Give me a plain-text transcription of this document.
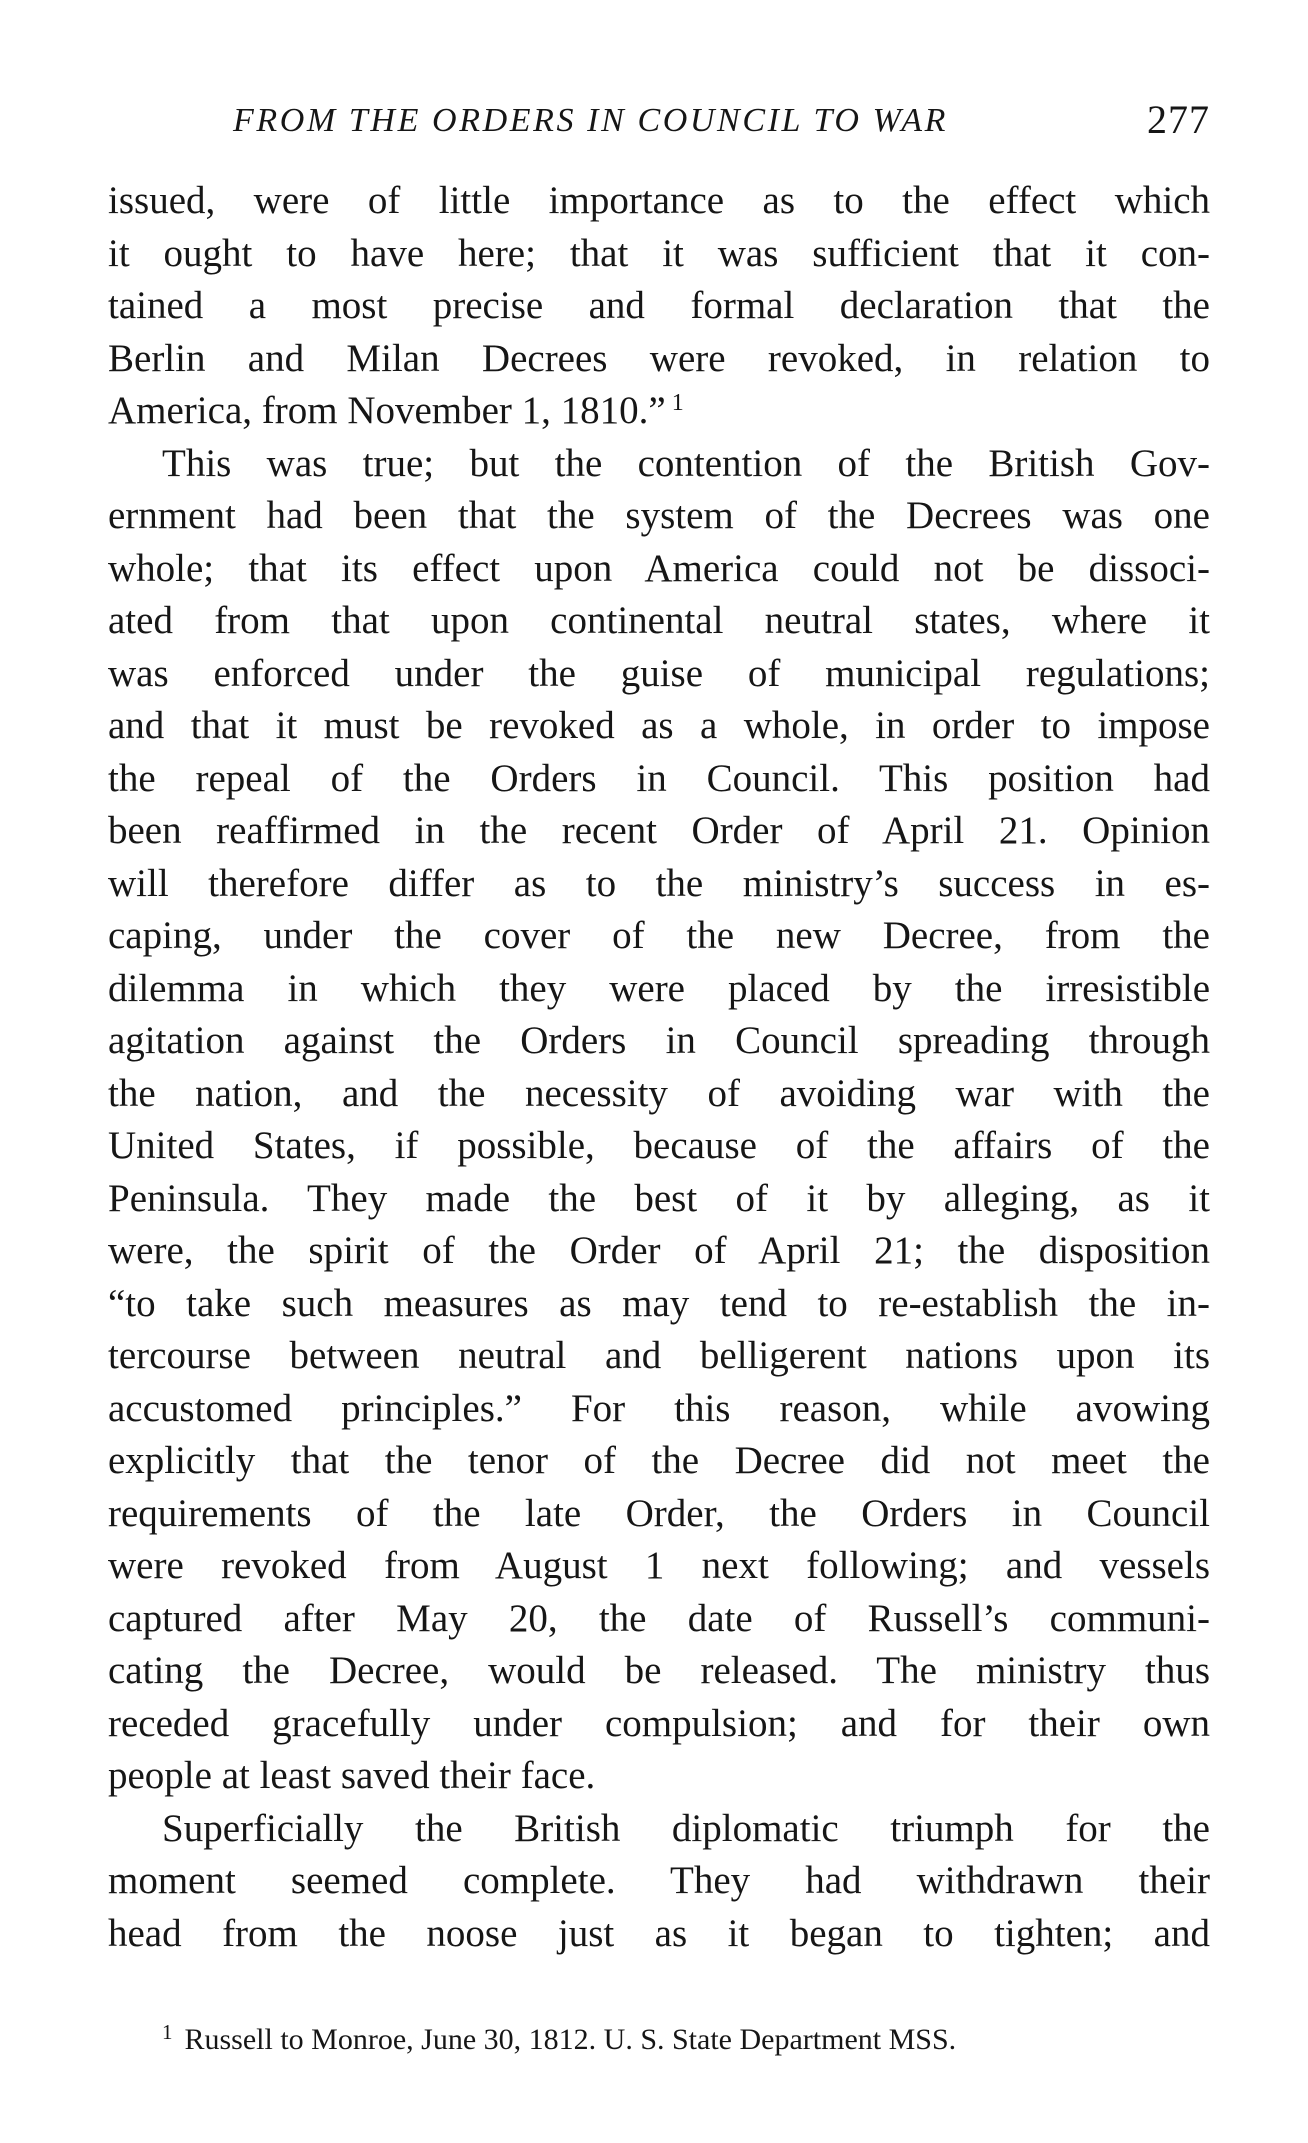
FROM THE ORDERS IN COUNCIL TO WAR	277
issued, were of little importance as to the effect which
it ought to have here; that it was sufficient that it con-
tained a most precise and formal declaration that the
Berlin and Milan Decrees were revoked, in relation to
America, from November 1, 1810.” $^1$
This was true; but the contention of the British Gov-
ernment had been that the system of the Decrees was one
whole; that its effect upon America could not be dissoci-
ated from that upon continental neutral states, where it
was enforced under the guise of municipal regulations;
and that it must be revoked as a whole, in order to impose
the repeal of the Orders in Council. This position had
been reaffirmed in the recent Order of April 21. Opinion
will therefore differ as to the ministry’s success in es-
caping, under the cover of the new Decree, from the
dilemma in which they were placed by the irresistible
agitation against the Orders in Council spreading through
the nation, and the necessity of avoiding war with the
United States, if possible, because of the affairs of the
Peninsula. They made the best of it by alleging, as it
were, the spirit of the Order of April 21; the disposition
“to take such measures as may tend to re-establish the in-
tercourse between neutral and belligerent nations upon its
accustomed principles.” For this reason, while avowing
explicitly that the tenor of the Decree did not meet the
requirements of the late Order, the Orders in Council
were revoked from August 1 next following; and vessels
captured after May 20, the date of Russell’s communi-
cating the Decree, would be released. The ministry thus
receded gracefully under compulsion; and for their own
people at least saved their face.
Superficially the British diplomatic triumph for the
moment seemed complete. They had withdrawn their
head from the noose just as it began to tighten; and
$^1$ Russell to Monroe, June 30, 1812. U. S. State Department MSS.
